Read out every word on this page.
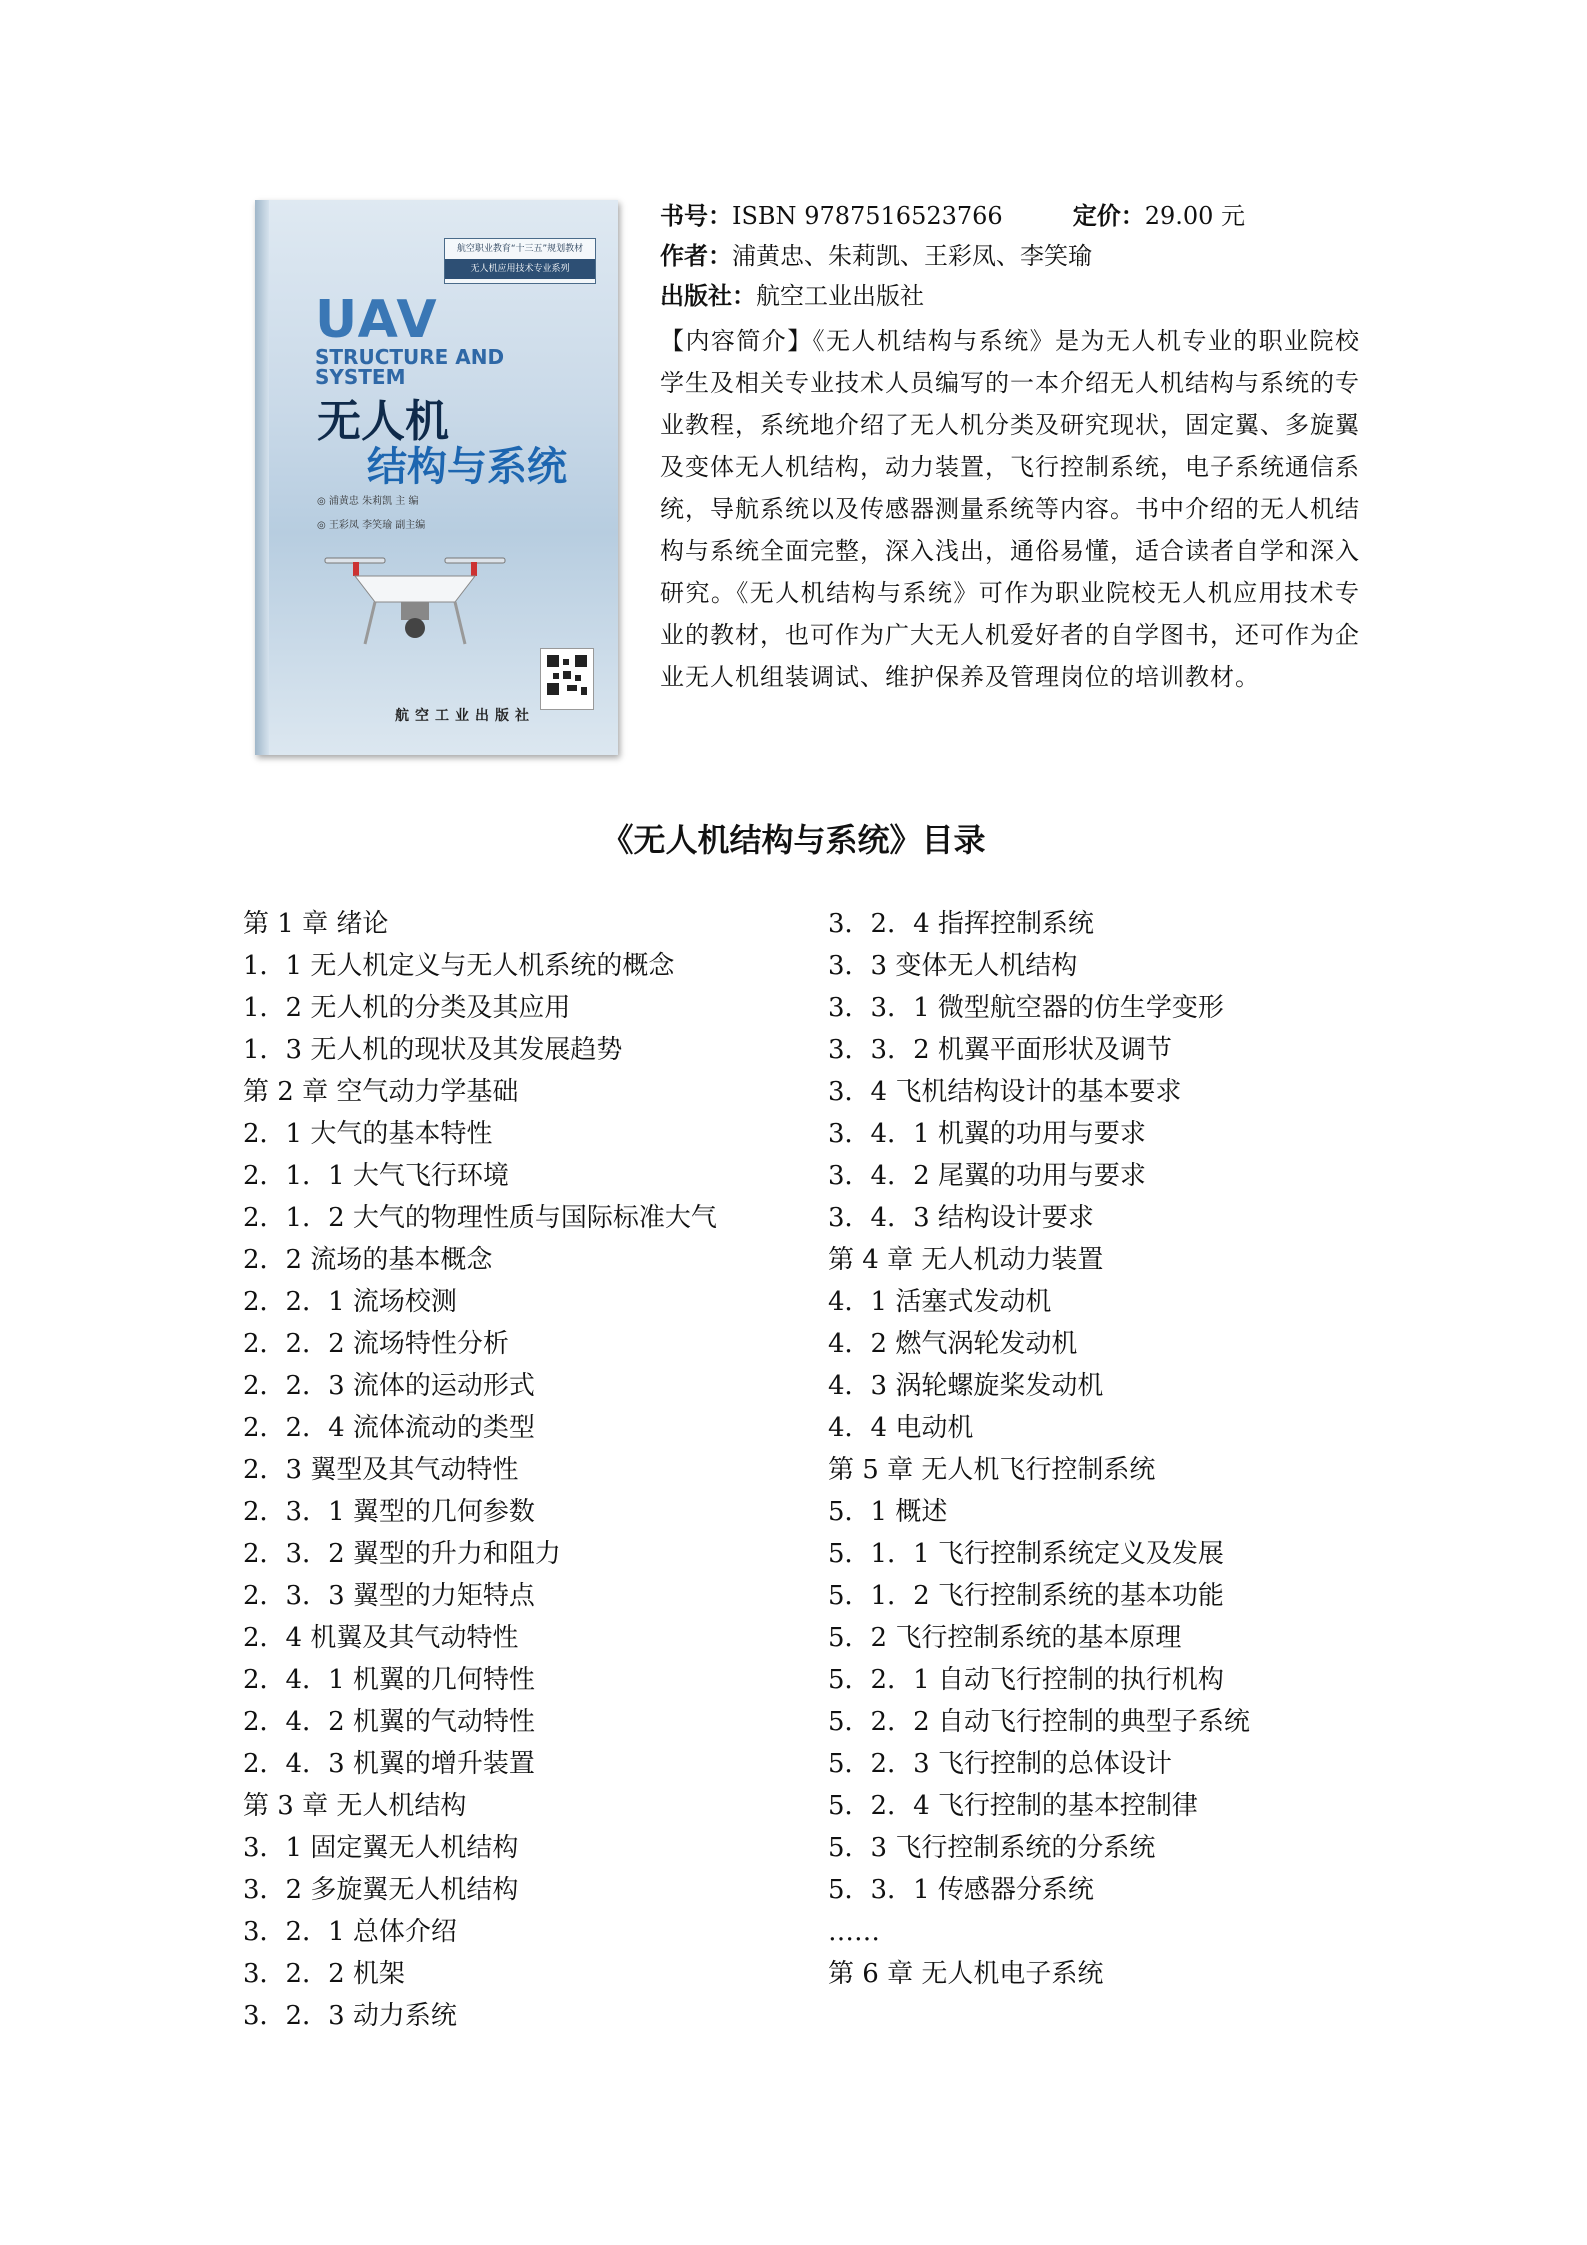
航空职业教育“十三五”规划教材
无人机应用技术专业系列
UAV
STRUCTURE AND
SYSTEM
无人机
结构与系统
◎ 浦黄忠 朱莉凯 主 编
◎ 王彩凤 李笑瑜 副主编
航空工业出版社
书号：ISBN 9787516523766	定价：29.00 元
作者：浦黄忠、朱莉凯、王彩凤、李笑瑜
出版社：航空工业出版社
【内容简介】《无人机结构与系统》是为无人机专业的职业院校学生及相关专业技术人员编写的一本介绍无人机结构与系统的专业教程，系统地介绍了无人机分类及研究现状，固定翼、多旋翼及变体无人机结构，动力装置，飞行控制系统，电子系统通信系统，导航系统以及传感器测量系统等内容。书中介绍的无人机结构与系统全面完整，深入浅出，通俗易懂，适合读者自学和深入研究。《无人机结构与系统》可作为职业院校无人机应用技术专业的教材，也可作为广大无人机爱好者的自学图书，还可作为企业无人机组装调试、维护保养及管理岗位的培训教材。
《无人机结构与系统》目录
第 1 章 绪论
1．1 无人机定义与无人机系统的概念
1．2 无人机的分类及其应用
1．3 无人机的现状及其发展趋势
第 2 章 空气动力学基础
2．1 大气的基本特性
2．1．1 大气飞行环境
2．1．2 大气的物理性质与国际标准大气
2．2 流场的基本概念
2．2．1 流场校测
2．2．2 流场特性分析
2．2．3 流体的运动形式
2．2．4 流体流动的类型
2．3 翼型及其气动特性
2．3．1 翼型的几何参数
2．3．2 翼型的升力和阻力
2．3．3 翼型的力矩特点
2．4 机翼及其气动特性
2．4．1 机翼的几何特性
2．4．2 机翼的气动特性
2．4．3 机翼的增升装置
第 3 章 无人机结构
3．1 固定翼无人机结构
3．2 多旋翼无人机结构
3．2．1 总体介绍
3．2．2 机架
3．2．3 动力系统
3．2．4 指挥控制系统
3．3 变体无人机结构
3．3．1 微型航空器的仿生学变形
3．3．2 机翼平面形状及调节
3．4 飞机结构设计的基本要求
3．4．1 机翼的功用与要求
3．4．2 尾翼的功用与要求
3．4．3 结构设计要求
第 4 章 无人机动力装置
4．1 活塞式发动机
4．2 燃气涡轮发动机
4．3 涡轮螺旋桨发动机
4．4 电动机
第 5 章 无人机飞行控制系统
5．1 概述
5．1．1 飞行控制系统定义及发展
5．1．2 飞行控制系统的基本功能
5．2 飞行控制系统的基本原理
5．2．1 自动飞行控制的执行机构
5．2．2 自动飞行控制的典型子系统
5．2．3 飞行控制的总体设计
5．2．4 飞行控制的基本控制律
5．3 飞行控制系统的分系统
5．3．1 传感器分系统
……
第 6 章 无人机电子系统
